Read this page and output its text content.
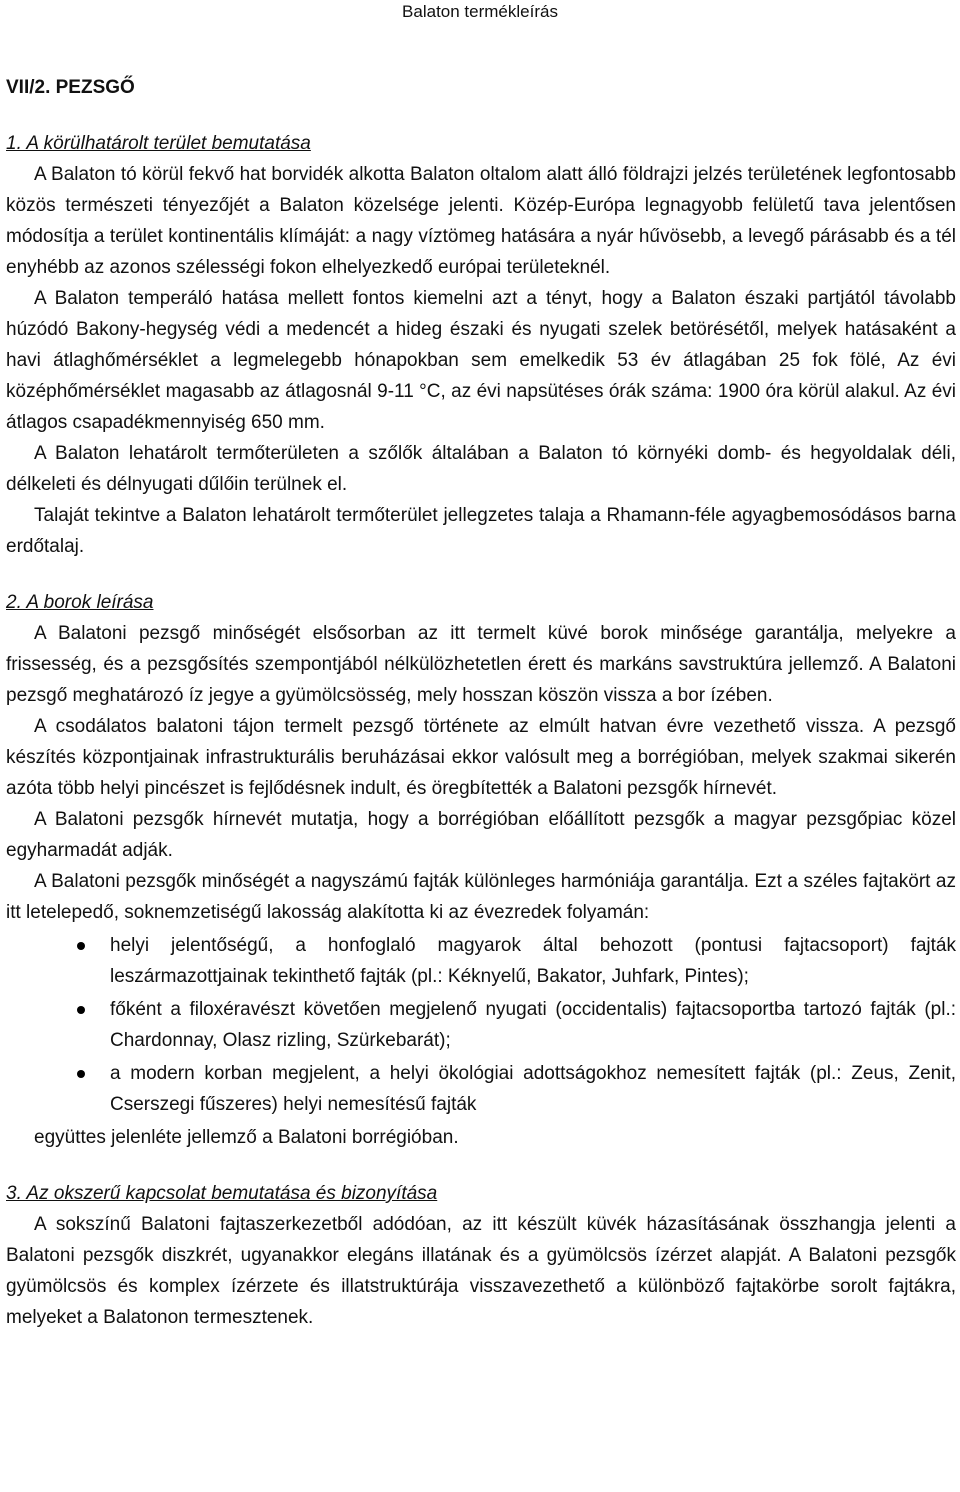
Balaton termékleírás

VII/2. PEZSGŐ

1. A körülhatárolt terület bemutatása

A Balaton tó körül fekvő hat borvidék alkotta Balaton oltalom alatt álló földrajzi jelzés területének legfontosabb közös természeti tényezőjét a Balaton közelsége jelenti. Közép-Európa legnagyobb felületű tava jelentősen módosítja a terület kontinentális klímáját: a nagy víztömeg hatására a nyár hűvösebb, a levegő párásabb és a tél enyhébb az azonos szélességi fokon elhelyezkedő európai területeknél.

A Balaton temperáló hatása mellett fontos kiemelni azt a tényt, hogy a Balaton északi partjától távolabb húzódó Bakony-hegység védi a medencét a hideg északi és nyugati szelek betörésétől, melyek hatásaként a havi átlaghőmérséklet a legmelegebb hónapokban sem emelkedik 53 év átlagában 25 fok fölé, Az évi középhőmérséklet magasabb az átlagosnál 9-11 °C, az évi napsütéses órák száma: 1900 óra körül alakul. Az évi átlagos csapadékmennyiség 650 mm.

A Balaton lehatárolt termőterületen a szőlők általában a Balaton tó környéki domb- és hegyoldalak déli, délkeleti és délnyugati dűlőin terülnek el.

Talaját tekintve a Balaton lehatárolt termőterület jellegzetes talaja a Rhamann-féle agyagbemosódásos barna erdőtalaj.

2. A borok leírása

A Balatoni pezsgő minőségét elsősorban az itt termelt küvé borok minősége garantálja, melyekre a frissesség, és a pezsgősítés szempontjából nélkülözhetetlen érett és markáns savstruktúra jellemző. A Balatoni pezsgő meghatározó íz jegye a gyümölcsösség, mely hosszan köszön vissza a bor ízében.

A csodálatos balatoni tájon termelt pezsgő története az elmúlt hatvan évre vezethető vissza. A pezsgő készítés központjainak infrastrukturális beruházásai ekkor valósult meg a borrégióban, melyek szakmai sikerén azóta több helyi pincészet is fejlődésnek indult, és öregbítették a Balatoni pezsgők hírnevét.

A Balatoni pezsgők hírnevét mutatja, hogy a borrégióban előállított pezsgők a magyar pezsgőpiac közel egyharmadát adják.

A Balatoni pezsgők minőségét a nagyszámú fajták különleges harmóniája garantálja. Ezt a széles fajtakört az itt letelepedő, soknemzetiségű lakosság alakította ki az évezredek folyamán:

helyi jelentőségű, a honfoglaló magyarok által behozott (pontusi fajtacsoport) fajták leszármazottjainak tekinthető fajták (pl.: Kéknyelű, Bakator, Juhfark, Pintes);
főként a filoxéravészt követően megjelenő nyugati (occidentalis) fajtacsoportba tartozó fajták (pl.: Chardonnay, Olasz rizling, Szürkebarát);
a modern korban megjelent, a helyi ökológiai adottságokhoz nemesített fajták (pl.: Zeus, Zenit, Cserszegi fűszeres) helyi nemesítésű fajták

együttes jelenléte jellemző a Balatoni borrégióban.

3. Az okszerű kapcsolat bemutatása és bizonyítása

A sokszínű Balatoni fajtaszerkezetből adódóan, az itt készült küvék házasításának összhangja jelenti a Balatoni pezsgők diszkrét, ugyanakkor elegáns illatának és a gyümölcsös ízérzet alapját. A Balatoni pezsgők gyümölcsös és komplex ízérzete és illatstruktúrája visszavezethető a különböző fajtakörbe sorolt fajtákra, melyeket a Balatonon termesztenek.
